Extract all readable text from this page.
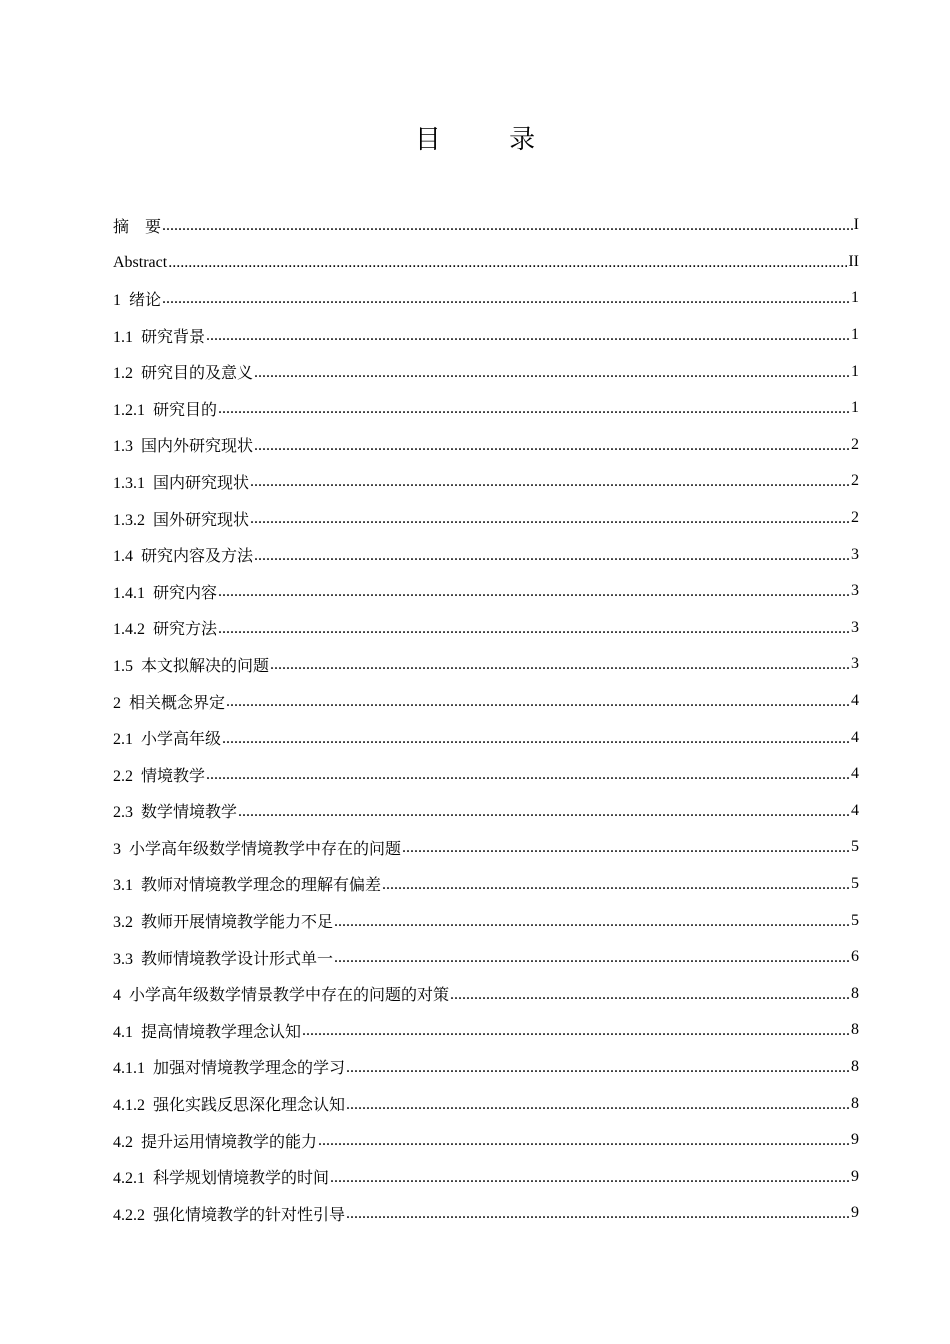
目 录
摘　要 .....	I
Abstract .....	II
1 绪论 .....	1
1.1 研究背景 .....	1
1.2 研究目的及意义 .....	1
1.2.1 研究目的 .....	1
1.3 国内外研究现状 .....	2
1.3.1 国内研究现状 .....	2
1.3.2 国外研究现状 .....	2
1.4 研究内容及方法 .....	3
1.4.1 研究内容 .....	3
1.4.2 研究方法 .....	3
1.5 本文拟解决的问题 .....	3
2 相关概念界定 .....	4
2.1 小学高年级 .....	4
2.2 情境教学 .....	4
2.3 数学情境教学 .....	4
3 小学高年级数学情境教学中存在的问题 .....	5
3.1 教师对情境教学理念的理解有偏差 .....	5
3.2 教师开展情境教学能力不足 .....	5
3.3 教师情境教学设计形式单一 .....	6
4 小学高年级数学情景教学中存在的问题的对策 .....	8
4.1 提高情境教学理念认知 .....	8
4.1.1 加强对情境教学理念的学习 .....	8
4.1.2 强化实践反思深化理念认知 .....	8
4.2 提升运用情境教学的能力 .....	9
4.2.1 科学规划情境教学的时间 .....	9
4.2.2 强化情境教学的针对性引导 .....	9
